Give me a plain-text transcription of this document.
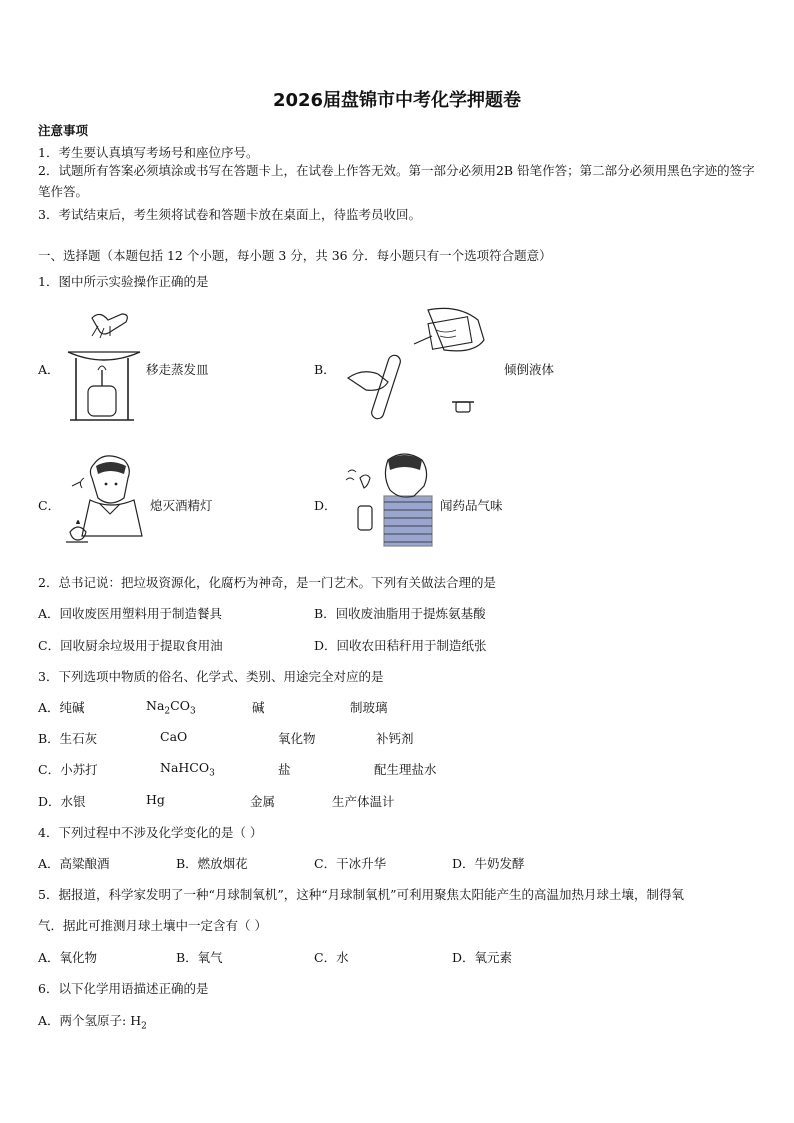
2026届盘锦市中考化学押题卷
注意事项
1．考生要认真填写考场号和座位序号。
2．试题所有答案必须填涂或书写在答题卡上，在试卷上作答无效。第一部分必须用2B 铅笔作答；第二部分必须用黑色字迹的签字笔作答。
3．考试结束后，考生须将试卷和答题卡放在桌面上，待监考员收回。
一、选择题（本题包括 12 个小题，每小题 3 分，共 36 分．每小题只有一个选项符合题意）
1．图中所示实验操作正确的是
A．	移走蒸发皿	B．	倾倒液体
C．	熄灭酒精灯	D．	闻药品气味
2．总书记说：把垃圾资源化，化腐朽为神奇，是一门艺术。下列有关做法合理的是
A．回收废医用塑料用于制造餐具	B．回收废油脂用于提炼氨基酸
C．回收厨余垃圾用于提取食用油	D．回收农田秸秆用于制造纸张
3．下列选项中物质的俗名、化学式、类别、用途完全对应的是
A．纯碱	$Na_2CO_3$	碱	制玻璃
B．生石灰	CaO	氧化物	补钙剂
C．小苏打	NaHCO$_3$	盐	配生理盐水
D．水银	Hg	金属	生产体温计
4．下列过程中不涉及化学变化的是（ ）
A．高粱酿酒	B．燃放烟花	C．干冰升华	D．牛奶发酵
5．据报道，科学家发明了一种“月球制氧机”，这种“月球制氧机”可利用聚焦太阳能产生的高温加热月球土壤，制得氧
气．据此可推测月球土壤中一定含有（ ）
A．氧化物	B．氧气	C．水	D．氧元素
6．以下化学用语描述正确的是
A．两个氢原子: $H_2$
